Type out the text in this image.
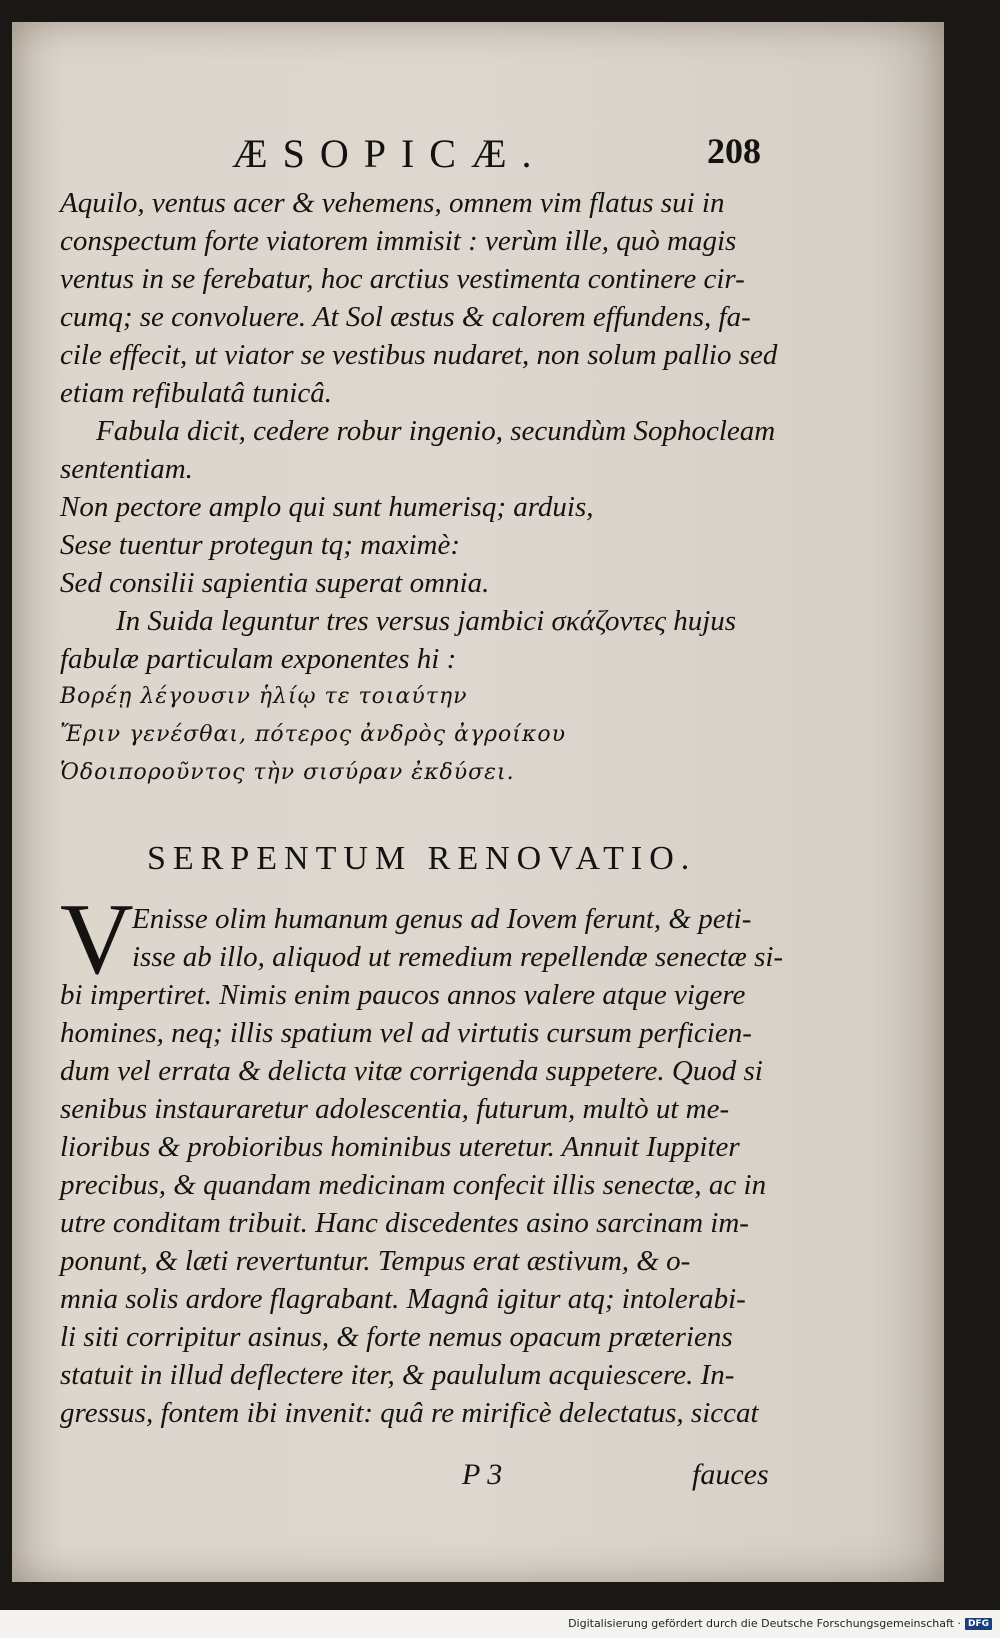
ÆSOPICÆ.	208
Aquilo, ventus acer & vehemens, omnem vim flatus sui in
conspectum forte viatorem immisit : verùm ille, quò magis
ventus in se ferebatur, hoc arctius vestimenta continere cir-
cumq; se convoluere. At Sol æstus & calorem effundens, fa-
cile effecit, ut viator se vestibus nudaret, non solum pallio sed
etiam refibulatâ tunicâ.
Fabula dicit, cedere robur ingenio, secundùm Sophocleam
sententiam.
Non pectore amplo qui sunt humerisq; arduis,
Sese tuentur protegun tq; maximè:
Sed consilii sapientia superat omnia.
In Suida leguntur tres versus jambici σκάζοντες hujus
fabulæ particulam exponentes hi :
Βορέῃ λέγουσιν ἡλίῳ τε τοιαύτην
Ἔριν γενέσθαι, πότερος ἀνδρὸς ἀγροίκου
Ὁδοιποροῦντος τὴν σισύραν ἐκδύσει.
SERPENTUM RENOVATIO.
V
Enisse olim humanum genus ad Iovem ferunt, & peti-
isse ab illo, aliquod ut remedium repellendæ senectæ si-
bi impertiret. Nimis enim paucos annos valere atque vigere
homines, neq; illis spatium vel ad virtutis cursum perficien-
dum vel errata & delicta vitæ corrigenda suppetere. Quod si
senibus instauraretur adolescentia, futurum, multò ut me-
lioribus & probioribus hominibus uteretur. Annuit Iuppiter
precibus, & quandam medicinam confecit illis senectæ, ac in
utre conditam tribuit. Hanc discedentes asino sarcinam im-
ponunt, & læti revertuntur. Tempus erat æstivum, & o-
mnia solis ardore flagrabant. Magnâ igitur atq; intolerabi-
li siti corripitur asinus, & forte nemus opacum præteriens
statuit in illud deflectere iter, & paululum acquiescere. In-
gressus, fontem ibi invenit: quâ re mirificè delectatus, siccat
P 3	fauces
Digitalisierung gefördert durch die Deutsche Forschungsgemeinschaft · DFG
